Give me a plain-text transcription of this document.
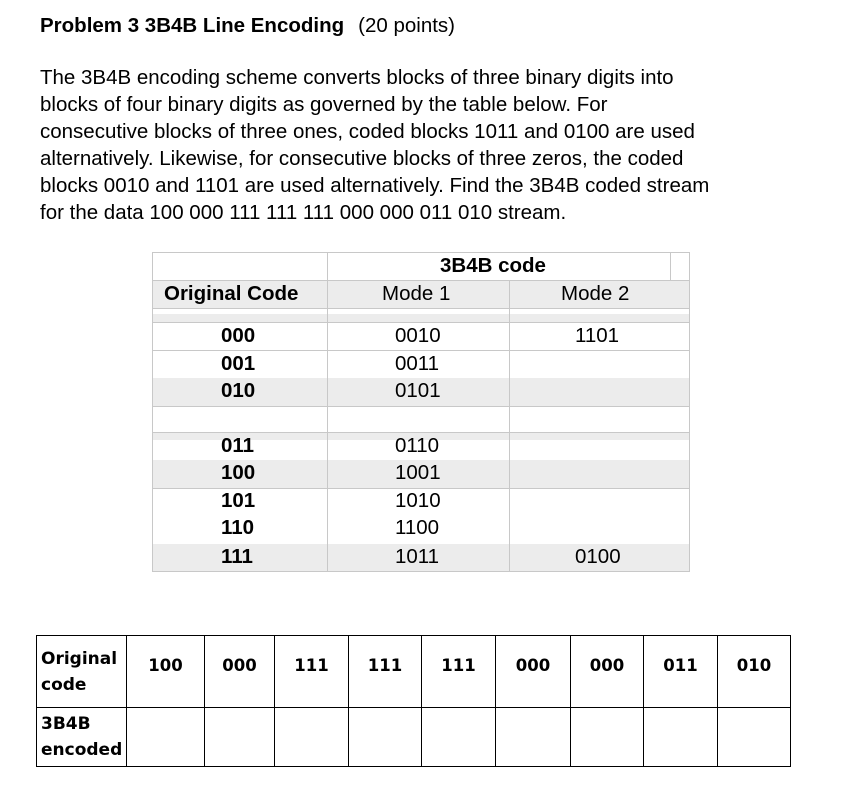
Problem 3 3B4B Line Encoding (20 points)
The 3B4B encoding scheme converts blocks of three binary digits into
blocks of four binary digits as governed by the table below. For
consecutive blocks of three ones, coded blocks 1011 and 0100 are used
alternatively. Likewise, for consecutive blocks of three zeros, the coded
blocks 0010 and 1101 are used alternatively. Find the 3B4B coded stream
for the data 100 000 111 111 111 000 000 011 010 stream.
3B4B code
Original Code	Mode 1	Mode 2
000	0010	1101
001	0011
010	0101
011	0110
100	1001
101	1010
110	1100
111	1011	0100
Original
code	100	000	111	111	111	000	000	011	010

3B4B
encoded									
